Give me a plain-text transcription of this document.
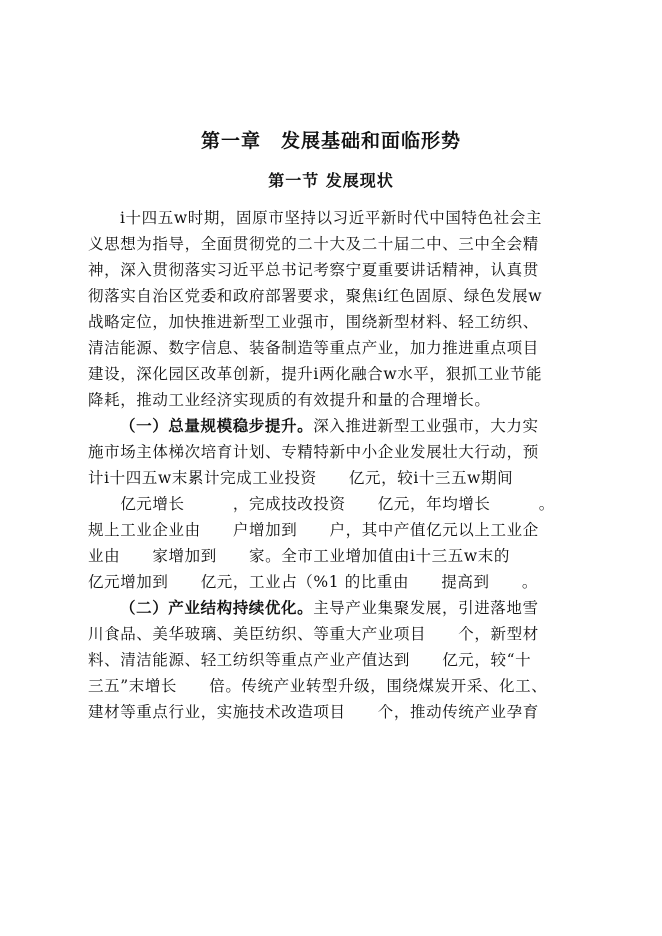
第一章　发展基础和面临形势
第一节 发展现状
i十四五w时期，固原市坚持以习近平新时代中国特色社会主
义思想为指导，全面贯彻党的二十大及二十届二中、三中全会精
神，深入贯彻落实习近平总书记考察宁夏重要讲话精神，认真贯
彻落实自治区党委和政府部署要求，聚焦i红色固原、绿色发展w
战略定位，加快推进新型工业强市，围绕新型材料、轻工纺织、
清洁能源、数字信息、装备制造等重点产业，加力推进重点项目
建设，深化园区改革创新，提升i两化融合w水平，狠抓工业节能
降耗，推动工业经济实现质的有效提升和量的合理增长。
（一）总量规模稳步提升。深入推进新型工业强市，大力实
施市场主体梯次培育计划、专精特新中小企业发展壮大行动，预
计i十四五w末累计完成工业投资　　亿元，较i十三五w期间
　　亿元增长　　　，完成技改投资　　亿元，年均增长　　　。
规上工业企业由　　户增加到　　户，其中产值亿元以上工业企
业由　　家增加到　　家。全市工业增加值由i十三五w末的
亿元增加到　　亿元，工业占（%1 的比重由　　提高到　　。
（二）产业结构持续优化。主导产业集聚发展，引进落地雪
川食品、美华玻璃、美臣纺织、等重大产业项目　　个，新型材
料、清洁能源、轻工纺织等重点产业产值达到　　亿元，较“十
三五”末增长　　倍。传统产业转型升级，围绕煤炭开采、化工、
建材等重点行业，实施技术改造项目　　个，推动传统产业孕育
